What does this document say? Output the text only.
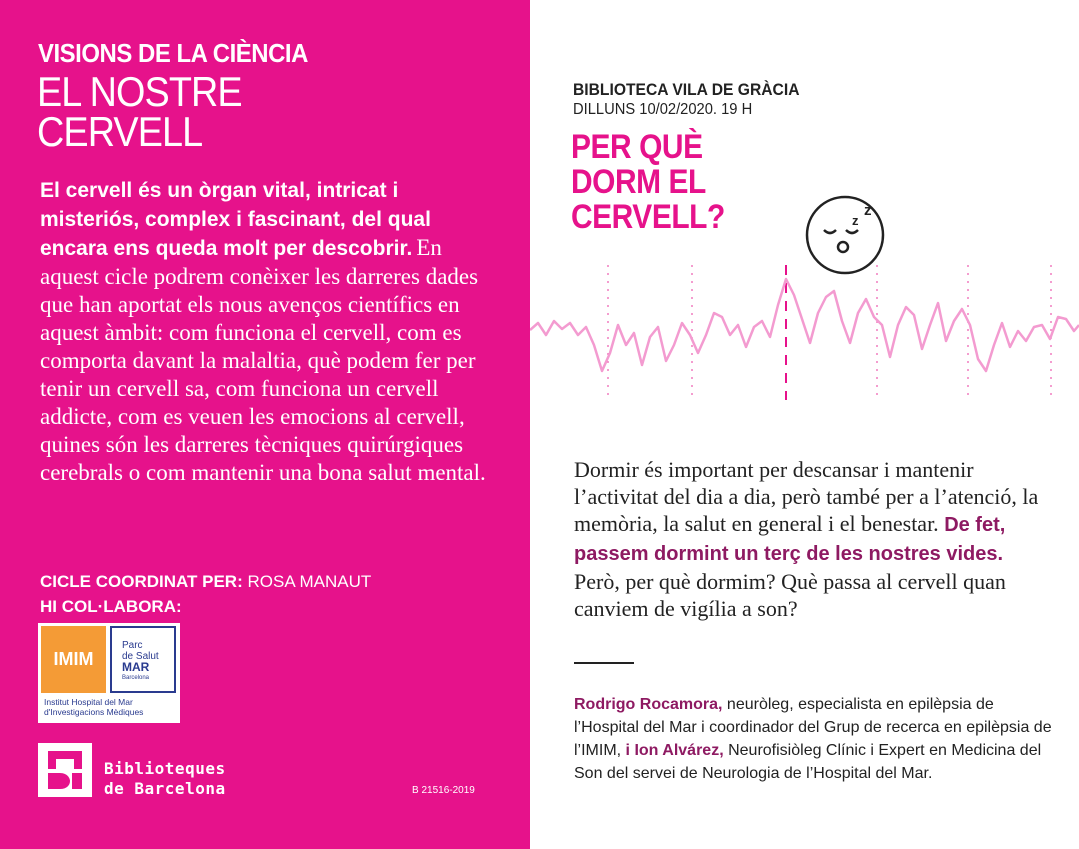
VISIONS DE LA CIÈNCIA
EL NOSTRE
CERVELL
El cervell és un òrgan vital, intricat i misteriós, complex i fascinant, del qual encara ens queda molt per descobrir. En aquest cicle podrem conèixer les darreres dades que han aportat els nous avenços científics en aquest àmbit: com funciona el cervell, com es comporta davant la malaltia, què podem fer per tenir un cervell sa, com funciona un cervell addicte, com es veuen les emocions al cervell, quines són les darreres tècniques quirúrgiques cerebrals o com mantenir una bona salut mental.
CICLE COORDINAT PER: ROSA MANAUT
HI COL·LABORA:
IMIM
Parc
de Salut
MAR
Barcelona
Institut Hospital del Mar
d'Investigacions Mèdiques
Biblioteques
de Barcelona	B 21516-2019
BIBLIOTECA VILA DE GRÀCIA
DILLUNS 10/02/2020. 19 H
PER QUÈ
DORM EL
CERVELL?	z
z
Dormir és important per descansar i mantenir l’activitat del dia a dia, però també per a l’atenció, la memòria, la salut en general i el benestar. De fet, passem dormint un terç de les nostres vides. Però, per què dormim? Què passa al cervell quan canviem de vigília a son?
Rodrigo Rocamora, neuròleg, especialista en epilèpsia de l’Hospital del Mar i coordinador del Grup de recerca en epilèpsia de l’IMIM, i Ion Alvárez, Neurofisiòleg Clínic i Expert en Medicina del Son del servei de Neurologia de l’Hospital del Mar.
